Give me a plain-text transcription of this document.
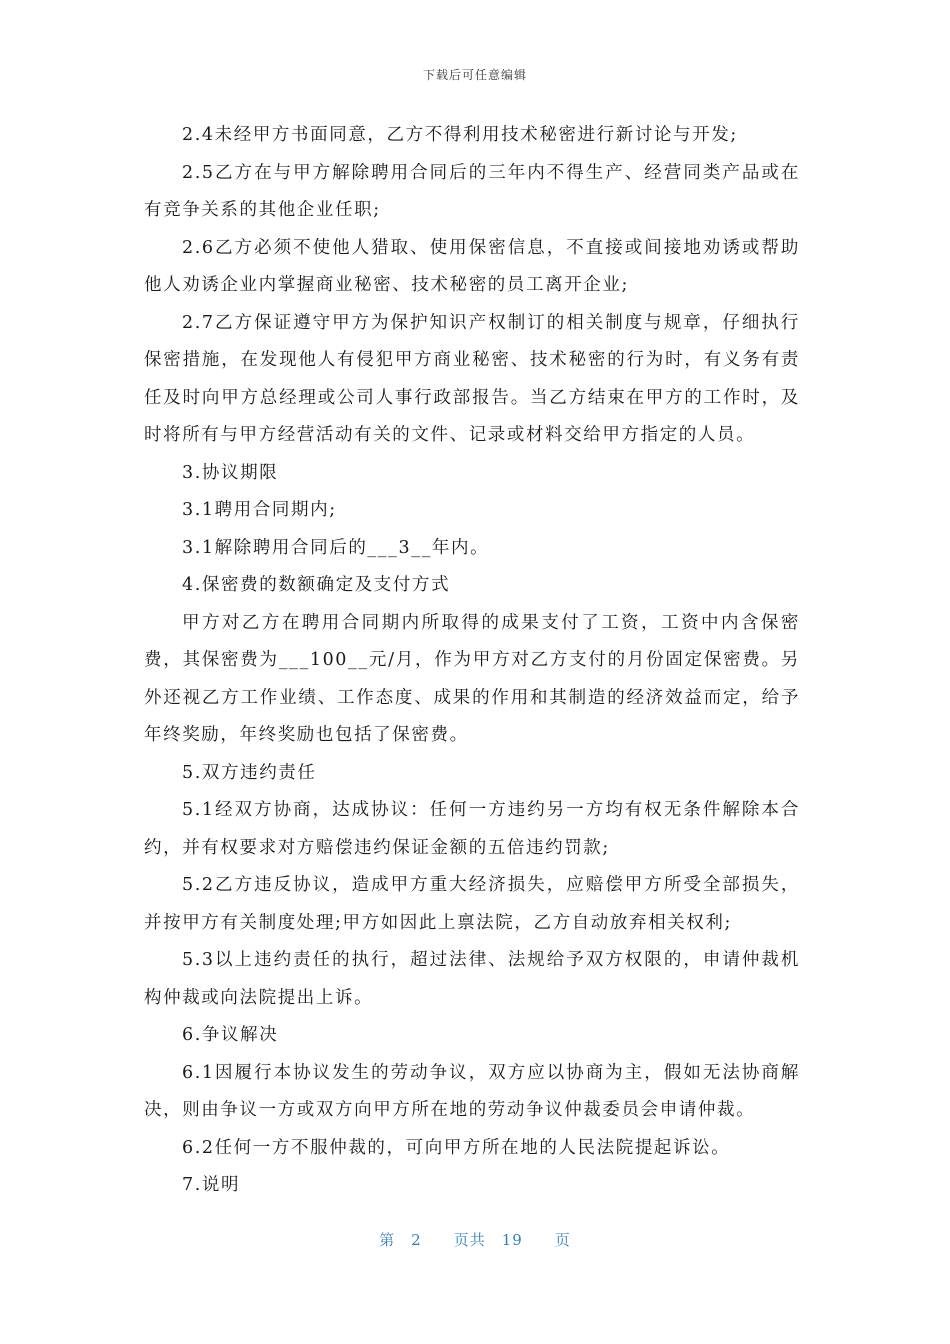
下载后可任意编辑

2.4未经甲方书面同意，乙方不得利用技术秘密进行新讨论与开发;

2.5乙方在与甲方解除聘用合同后的三年内不得生产、经营同类产品或在有竞争关系的其他企业任职;

2.6乙方必须不使他人猎取、使用保密信息，不直接或间接地劝诱或帮助他人劝诱企业内掌握商业秘密、技术秘密的员工离开企业;

2.7乙方保证遵守甲方为保护知识产权制订的相关制度与规章，仔细执行保密措施，在发现他人有侵犯甲方商业秘密、技术秘密的行为时，有义务有责任及时向甲方总经理或公司人事行政部报告。当乙方结束在甲方的工作时，及时将所有与甲方经营活动有关的文件、记录或材料交给甲方指定的人员。

3.协议期限

3.1聘用合同期内;

3.1解除聘用合同后的___3__年内。

4.保密费的数额确定及支付方式

甲方对乙方在聘用合同期内所取得的成果支付了工资，工资中内含保密费，其保密费为___100__元/月，作为甲方对乙方支付的月份固定保密费。另外还视乙方工作业绩、工作态度、成果的作用和其制造的经济效益而定，给予年终奖励，年终奖励也包括了保密费。

5.双方违约责任

5.1经双方协商，达成协议：任何一方违约另一方均有权无条件解除本合约，并有权要求对方赔偿违约保证金额的五倍违约罚款;

5.2乙方违反协议，造成甲方重大经济损失，应赔偿甲方所受全部损失，并按甲方有关制度处理;甲方如因此上禀法院，乙方自动放弃相关权利;

5.3以上违约责任的执行，超过法律、法规给予双方权限的，申请仲裁机构仲裁或向法院提出上诉。

6.争议解决

6.1因履行本协议发生的劳动争议，双方应以协商为主，假如无法协商解决，则由争议一方或双方向甲方所在地的劳动争议仲裁委员会申请仲裁。

6.2任何一方不服仲裁的，可向甲方所在地的人民法院提起诉讼。

7.说明

第 2 页共 19 页
